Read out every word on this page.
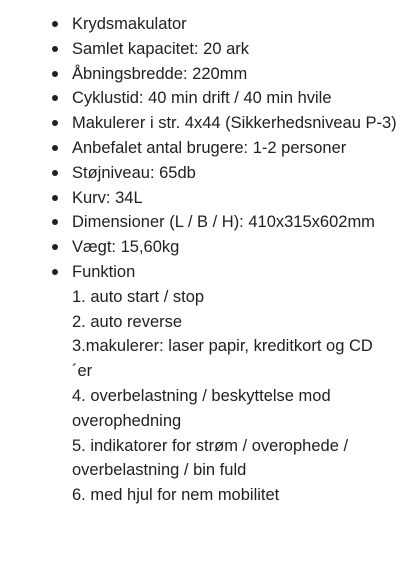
Krydsmakulator
Samlet kapacitet: 20 ark
Åbningsbredde: 220mm
Cyklustid: 40 min drift / 40 min hvile
Makulerer i str. 4x44 (Sikkerhedsniveau P-3)
Anbefalet antal brugere: 1-2 personer
Støjniveau: 65db
Kurv: 34L
Dimensioner (L / B / H): 410x315x602mm
Vægt: 15,60kg
Funktion
1. auto start / stop
2. auto reverse
3.makulerer: laser papir, kreditkort og CD ´er
4. overbelastning / beskyttelse mod overophedning
5. indikatorer for strøm / overophede / overbelastning / bin fuld
6. med hjul for nem mobilitet
